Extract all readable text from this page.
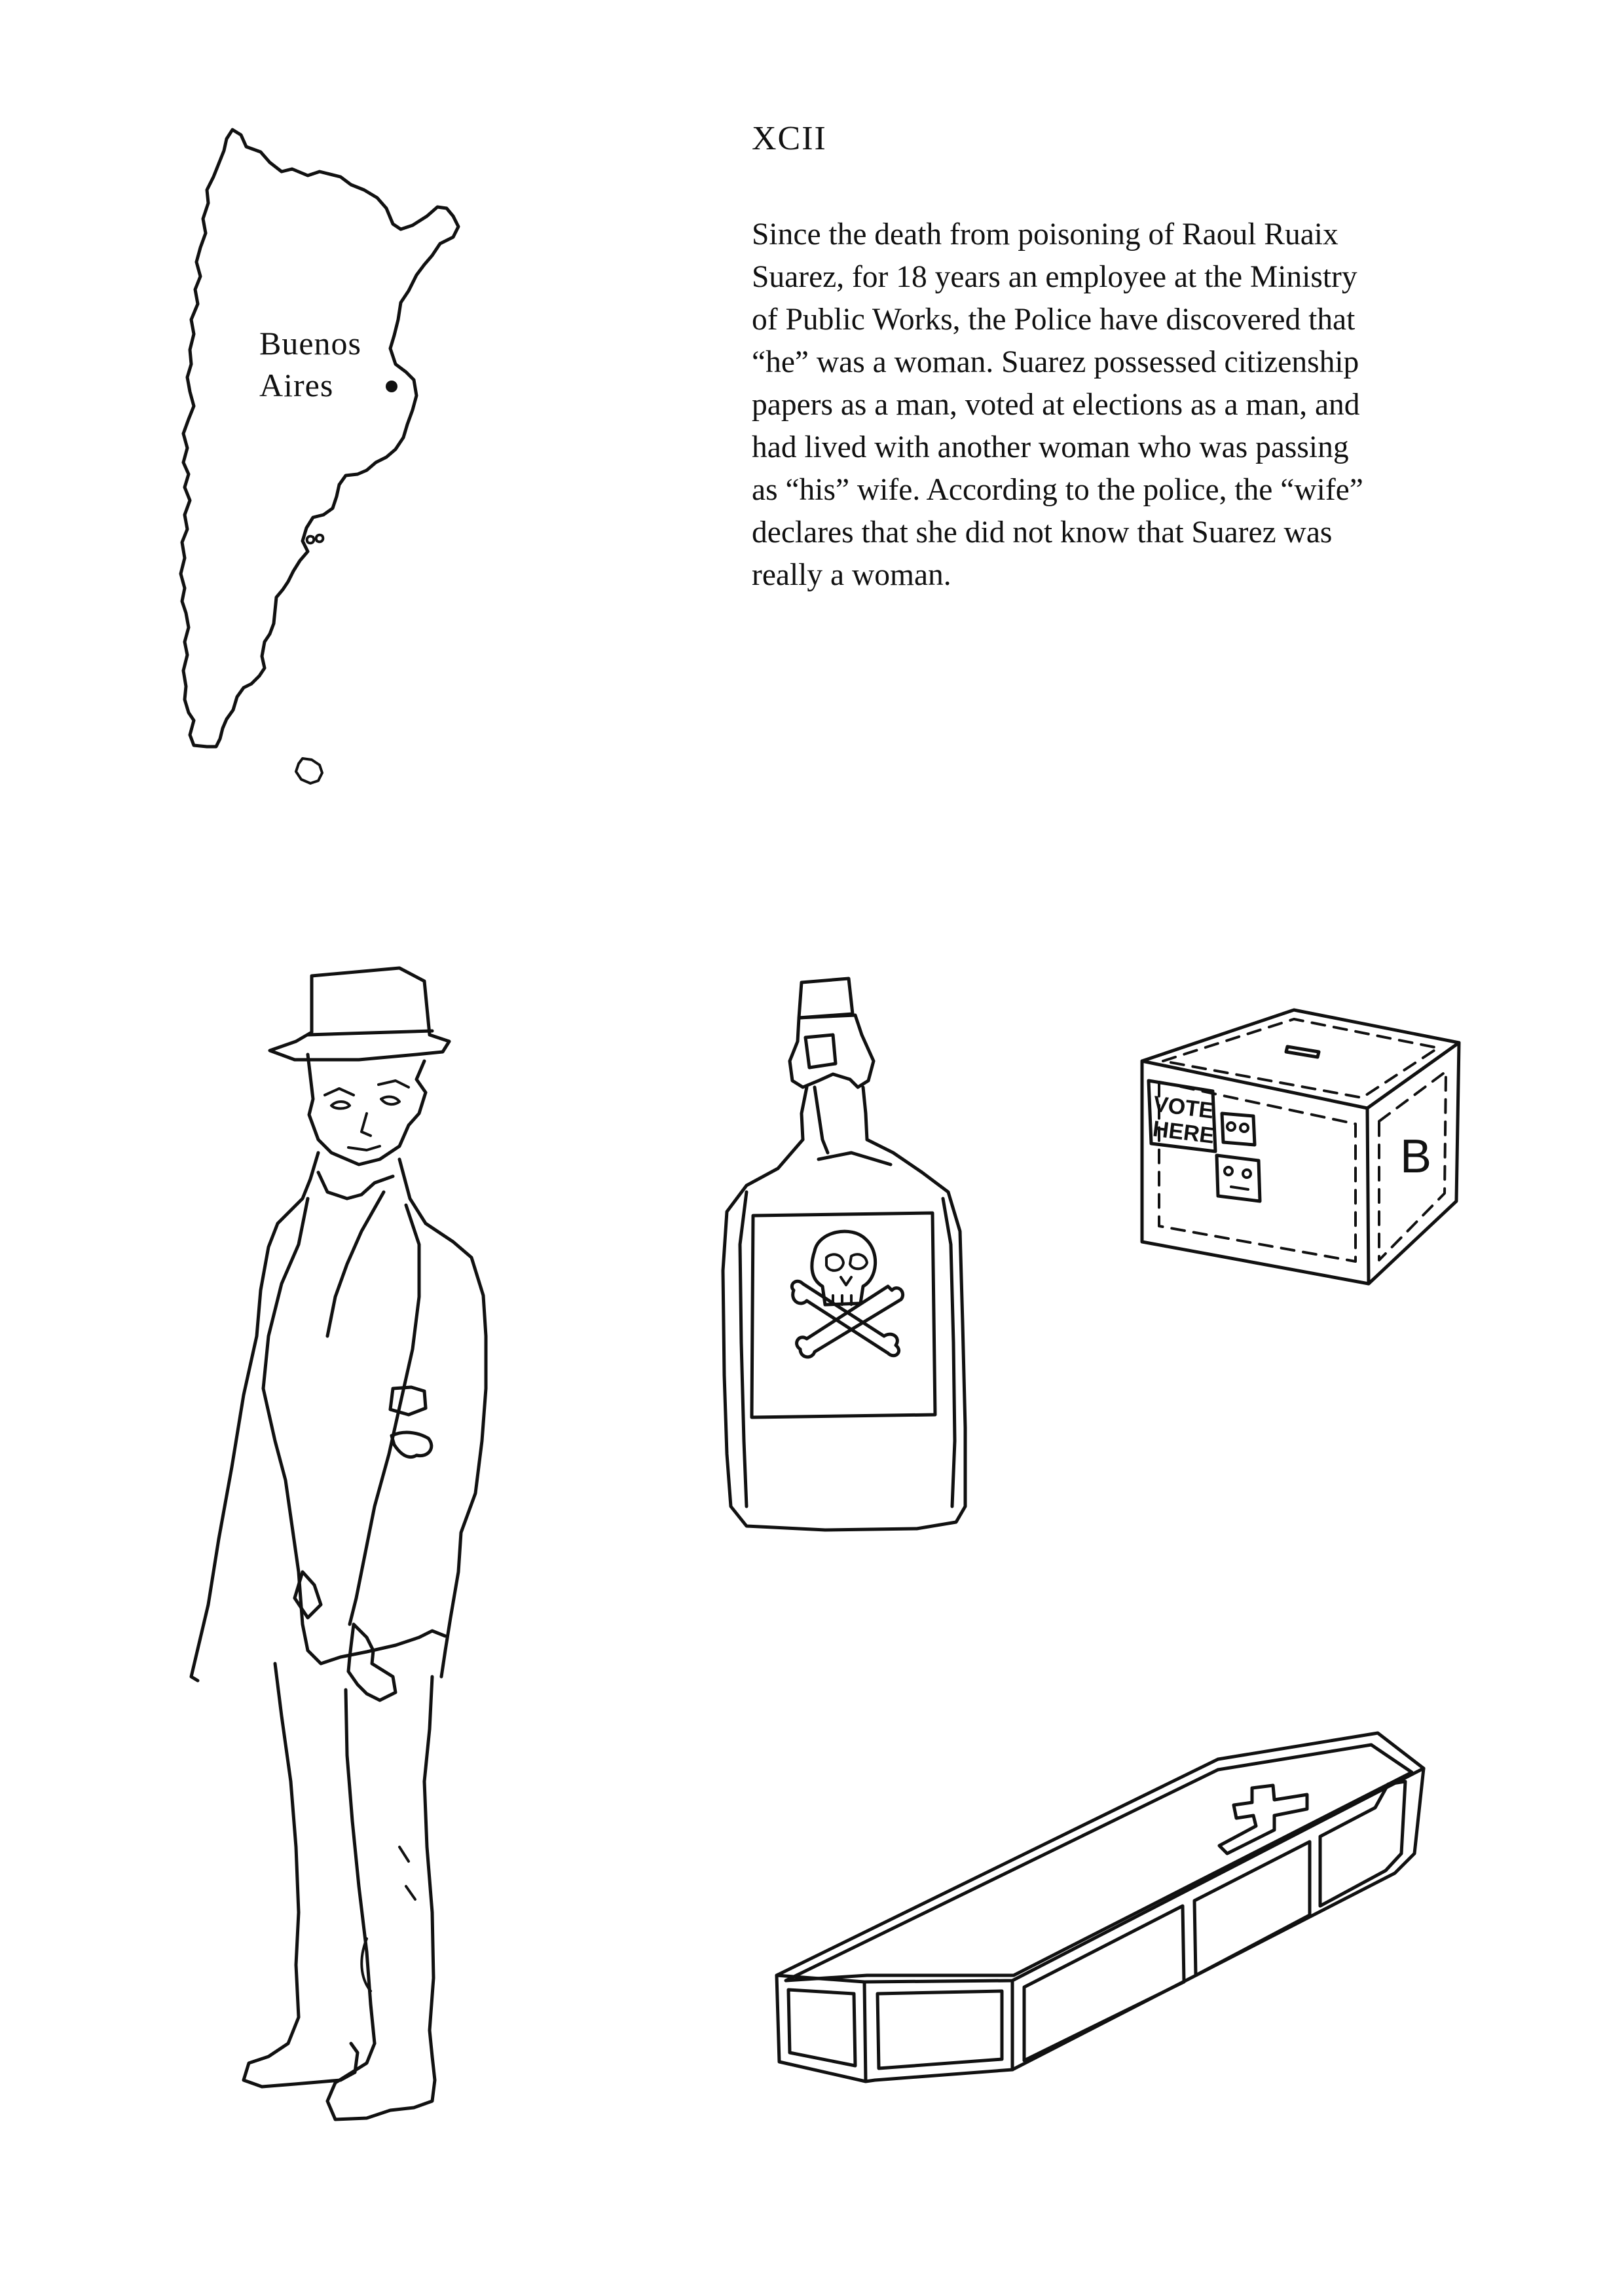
XCII
Since the death from poisoning of Raoul Ruaix
Suarez, for 18 years an employee at the Ministry
of Public Works, the Police have discovered that
“he” was a woman. Suarez possessed citizenship
papers as a man, voted at elections as a man, and
had lived with another woman who was passing
as “his” wife. According to the police, the “wife”
declares that she did not know that Suarez was
really a woman.
VOTE
HERE	B
Buenos
Aires
